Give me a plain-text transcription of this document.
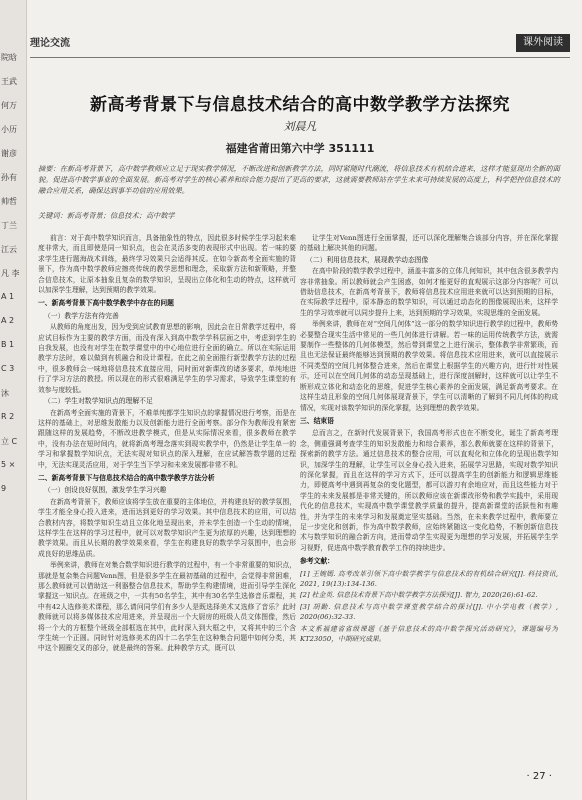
院晗
王武
何万
小历
谢彦
孙有
帅哲
丁兰
江云
凡 李
A 1
A 2
B 1
C 3
沐
R 2
立 C
5 ×
9
理论交流	课外阅读
新高考背景下与信息技术结合的高中数学教学方法探究
刘晨凡
福建省莆田第六中学 351111
摘要：在新高考背景下，高中数学教师应立足于现实教学情况，不断改进和创新教学方法，同时紧随时代潮流，将信息技术有机结合进来，这样才能显现出全新的面貌。促进高中数学事业的全面发展。新高考对学生的核心素养和综合能力提出了更高的要求，这就需要教师站在学生未来可持续发展的高度上，科学把控信息技术的融合应用关系，确保达到事半功倍的应用效果。
关键词：新高考背景；信息技术；高中数学

前言：对于高中数学知识而言，具备抽象性的特点，因此很多时候学生学习起来难度非常大，而且即使是同一知识点，也会在灵活多变的表现形式中出现。若一味的要求学生进行题海战术训练，最终学习效果只会适得其反。在如今新高考全面实施的背景下，作为高中数学教师应擦亮传统的教学思想和理念，采取新方法和新策略，并整合信息技术，让原本抽象且复杂的数学知识，呈现出立体化和生动的特点，这样就可以加深学生理解，达到预期的教学效果。

一、新高考背景下高中数学教学中存在的问题

（一）教学方法有待完善

从教师的角度出发，因为受到应试教育思想的影响，因此会在日常教学过程中，将应试目标作为主要的教学方面，而没有深入到高中数学学科层面之中，考虑到学生的自我发展，也没有对学生在数学课堂中的中心地位进行全面的确立。所以在实际运用教学方法时，难以做到有机融合和设计课程。在此之前全面推行新型教学方法的过程中，很多教师会一味地将信息技术直接应用，同时面对新课改的诸多要求，单纯地进行了学习方法的教授。所以现在的形式很难满足学生的学习需求，导致学生课堂的有效参与度较低。

（二）学生对数学知识点的理解不足

在新高考全面实施的背景下，不难单纯都学生知识点的掌握情况进行考察，而是在这样的基础上，对思维发散能力以及创新能力进行全面考察。部分作为教师没有紧密跟随这样的发展趋势，不断改进教学模式，但是从实际情况来看，很多教师在教学中，没有办法在短时间内，就将新高考理念落实到现实教学中，仍然是让学生单一的学习和掌握数学知识点，无法实现对知识点的深入理解，在应试解答数学题的过程中，无法实现灵活应用，对于学生当下学习和未来发展都非常不利。

二、新高考背景下与信息技术结合的高中数学教学方法分析

（一）创设良好氛围，激发学生学习兴趣

在新高考背景下，教师应该将学生放在重要的主体地位，并构建良好的教学氛围，学生才能全身心投入进来，进而达到更好的学习效果。其中信息技术的应用，可以结合教材内容，将数学知识生动且立体化地呈现出来，并未学生创造一个生动的情境，这样学生在这样的学习过程中，就可以对数学知识产生更为浓厚的兴趣，达到理想的教学效果。而且从长期的教学效果来看，学生在构建良好的数学学习氛围中，也会形成良好的思维品质。

举例来讲，教师在对集合数学知识进行教学的过程中，有一个非常重要的知识点，那就是复杂集合问题Venn图，但是很多学生在最初基础的过程中，会觉得非常困难，那么教师就可以借助这一利器整合信息技术，帮助学生构建情境，进而引导学生深化掌握这一知识点。在班级之中，一共有50名学生，其中有30名学生选修音乐课程，其中有42人选修美术课程，那么请问同学们有多少人是既选择美术又选修了音乐？此时教师就可以将多媒体技术应用进来，并呈现出一个大厨房的班级人员文体图像，然后将一个大的方框整个班级全部框选在其中，此时深入到大框之中，又将其中的三个含学生统一个正圆。同时针对选修美术的四十二名学生在这种集合问题中如何分类，其中这个圆圈交叉的部分，就是最终的答案。此种教学方式，既可以

让学生对Venn图进行全面掌握，还可以深化理解集合该部分内容，并在深化掌握的基础上解决其他的问题。

（二）利用信息技术，展现教学动态图像

在高中阶段的数学教学过程中，涵盖丰富多的立体几何知识，其中包含很多教学内容非常抽象。所以教师就会产生困惑，如何才能更好的直观展示这部分内容呢？可以借助信息技术，在新高考背景下，教师将信息技术应用进来就可以达到预期的目标，在实际教学过程中，原本静态的数学知识，可以通过动态化的图像展现出来，这样学生的学习效率就可以同步提升上来，达到预期的学习效果，实现思维的全面发展。

举例来讲，教师在对“空间几何体”这一部分的数学知识进行教学的过程中，教师势必要整合现实生活中常见的一些几何体进行讲解。若一味的运用传统教学方法，就需要制作一些整体的几何体模型，然后带到课堂之上进行演示，整体教学非常繁琐，而且也无法保证最终能够达到预期的教学效果。将信息技术应用进来，就可以直接展示不同类型的空间几何体整合进来，然后在课堂上根据学生的兴趣方向，进行针对性展示，还可以在空间几何体的动态呈现基础上，进行深度剖解时，这样就可以让学生不断形成立体化和动态化的思维，促进学生核心素养的全面发展，满足新高考要求。在这样生动且形象的空间几何体展现背景下，学生可以清晰的了解到不同几何体的构成情况，实现对该数学知识的深化掌握，达到理想的教学效果。

三、结束语

总而言之，在新时代发展背景下，我国高考形式也在不断变化，诞生了新高考理念，侧重强调考查学生的知识发散能力和综合素养，那么教师就要在这样的背景下，探索新的教学方法。通过信息技术的整合应用，可以直观化和立体化的呈现出数学知识，加深学生的理解，让学生可以全身心投入进来，拓展学习思路，实现对数学知识的深化掌握，而且在这样的学习方式下，还可以提高学生的创新能力和逻辑思维能力，即便高考中遇到再复杂的变化题型，都可以游刃有余地应对，而且这些能力对于学生的未来发展都是非常关键的，所以教师应该在新课改形势和教学实践中，采用现代化的信息技术，实现高中数学课堂教学质量的提升，提高新课堂的活跃性和有趣性，并为学生的未来学习和发展奠定坚实基础。当然，在未来教学过程中，教师要立足一步完化和创新，作为高中数学教师，应始终紧随这一变化趋势，不断创新信息技术与数学知识的融合新方向，进而带动学生实现更为理想的学习发展，并拓展学生学习视野，促进高中数学教育教学工作的持续进步。

参考文献：

[1] 王婉嫣. 高考改革引领下高中数学教学与信息技术的有机结合研究[J]. 科技资讯, 2021, 19(13):134-136.

[2] 杜金英. 信息技术背景下高中数学教学方法探究[J]. 智力, 2020(26):61-62.

[3] 胡勤. 信息技术与高中数学课堂教学结合的探讨[J]. 中小学电教（教学）, 2020(06):32-33.

本文系福建省省级课题《基于信息技术的高中数学探究活动研究》，课题编号为KT23050，中期研究成果。

· 27 ·
